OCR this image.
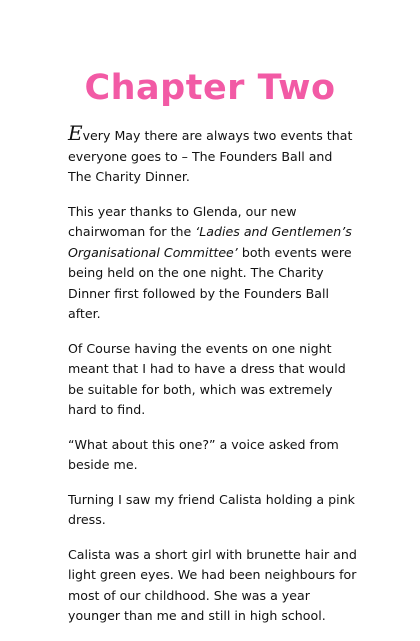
Chapter Two

Every May there are always two events that everyone goes to – The Founders Ball and The Charity Dinner.

This year thanks to Glenda, our new chairwoman for the ‘Ladies and Gentlemen’s Organisational Committee’ both events were being held on the one night. The Charity Dinner first followed by the Founders Ball after.

Of Course having the events on one night meant that I had to have a dress that would be suitable for both, which was extremely hard to find.

“What about this one?” a voice asked from beside me.

Turning I saw my friend Calista holding a pink dress.

Calista was a short girl with brunette hair and light green eyes. We had been neighbours for most of our childhood. She was a year younger than me and still in high school.
